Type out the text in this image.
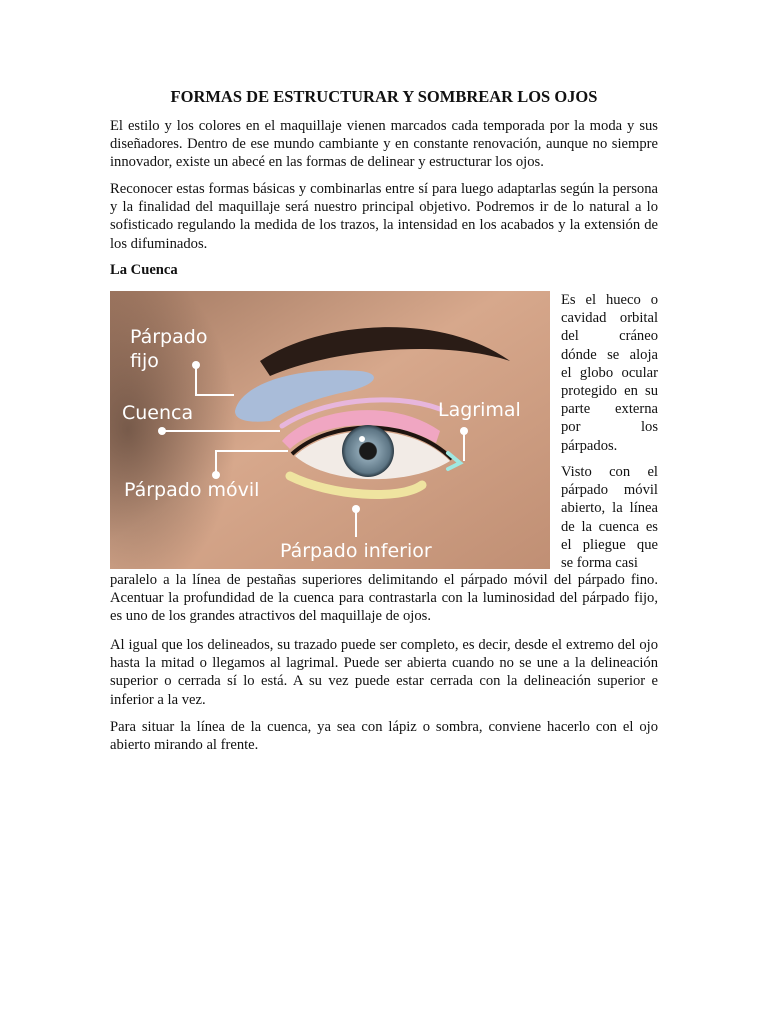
FORMAS DE ESTRUCTURAR Y SOMBREAR LOS OJOS

El estilo y los colores en el maquillaje vienen marcados cada temporada por la moda y sus diseñadores. Dentro de ese mundo cambiante y en constante renovación, aunque no siempre innovador, existe un abecé en las formas de delinear y estructurar los ojos.

Reconocer estas formas básicas y combinarlas entre sí para luego adaptarlas según la persona y la finalidad del maquillaje será nuestro principal objetivo. Podremos ir de lo natural a lo sofisticado regulando la medida de los trazos, la intensidad en los acabados y la extensión de los difuminados.

La Cuenca

Párpado
fijo
Cuenca	Lagrimal
Párpado móvil
Párpado inferior

Es el hueco o cavidad orbital del cráneo dónde se aloja el globo ocular protegido en su parte externa por los párpados.

Visto con el párpado móvil abierto, la línea de la cuenca es el pliegue que se forma casi

paralelo a la línea de pestañas superiores delimitando el párpado móvil del párpado fino. Acentuar la profundidad de la cuenca para contrastarla con la luminosidad del párpado fijo, es uno de los grandes atractivos del maquillaje de ojos.

Al igual que los delineados, su trazado puede ser completo, es decir, desde el extremo del ojo hasta la mitad o llegamos al lagrimal. Puede ser abierta cuando no se une a la delineación superior o cerrada sí lo está. A su vez puede estar cerrada con la delineación superior e inferior a la vez.

Para situar la línea de la cuenca, ya sea con lápiz o sombra, conviene hacerlo con el ojo abierto mirando al frente.
